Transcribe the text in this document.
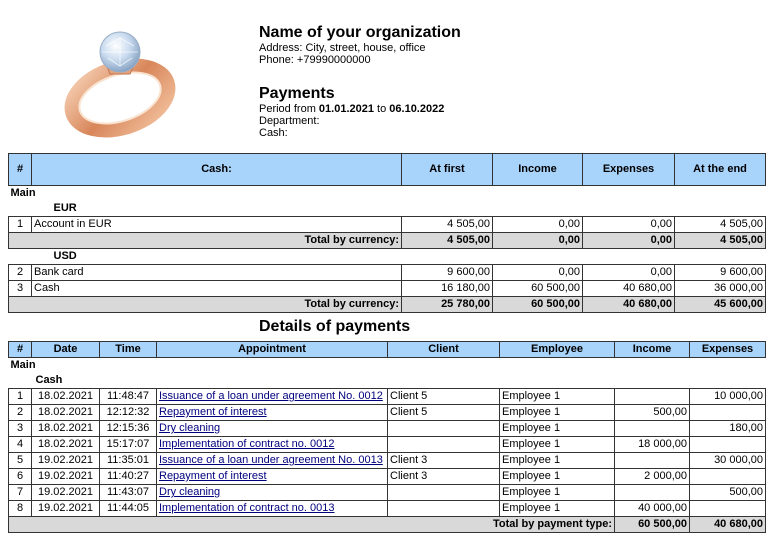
Name of your organization
Address: City, street, house, office
Phone: +79990000000
Payments
Period from 01.01.2021 to 06.10.2022
Department:
Cash:
#	Cash:	At first	Income	Expenses	At the end
Main					
	EUR				
1	Account in EUR	4 505,00	0,00	0,00	4 505,00
Total by currency:		4 505,00	0,00	0,00	4 505,00
	USD				
2	Bank card	9 600,00	0,00	0,00	9 600,00
3	Cash	16 180,00	60 500,00	40 680,00	36 000,00
Total by currency:		25 780,00	60 500,00	40 680,00	45 600,00
Details of payments
#	Date	Time	Appointment	Client	Employee	Income	Expenses
Main							
	Cash						
1	18.02.2021	11:48:47	Issuance of a loan under agreement No. 0012	Client 5	Employee 1		10 000,00
2	18.02.2021	12:12:32	Repayment of interest	Client 5	Employee 1	500,00	
3	18.02.2021	12:15:36	Dry cleaning		Employee 1		180,00
4	18.02.2021	15:17:07	Implementation of contract no. 0012		Employee 1	18 000,00	
5	19.02.2021	11:35:01	Issuance of a loan under agreement No. 0013	Client 3	Employee 1		30 000,00
6	19.02.2021	11:40:27	Repayment of interest	Client 3	Employee 1	2 000,00	
7	19.02.2021	11:43:07	Dry cleaning		Employee 1		500,00
8	19.02.2021	11:44:05	Implementation of contract no. 0013		Employee 1	40 000,00	
Total by payment type:						60 500,00	40 680,00
